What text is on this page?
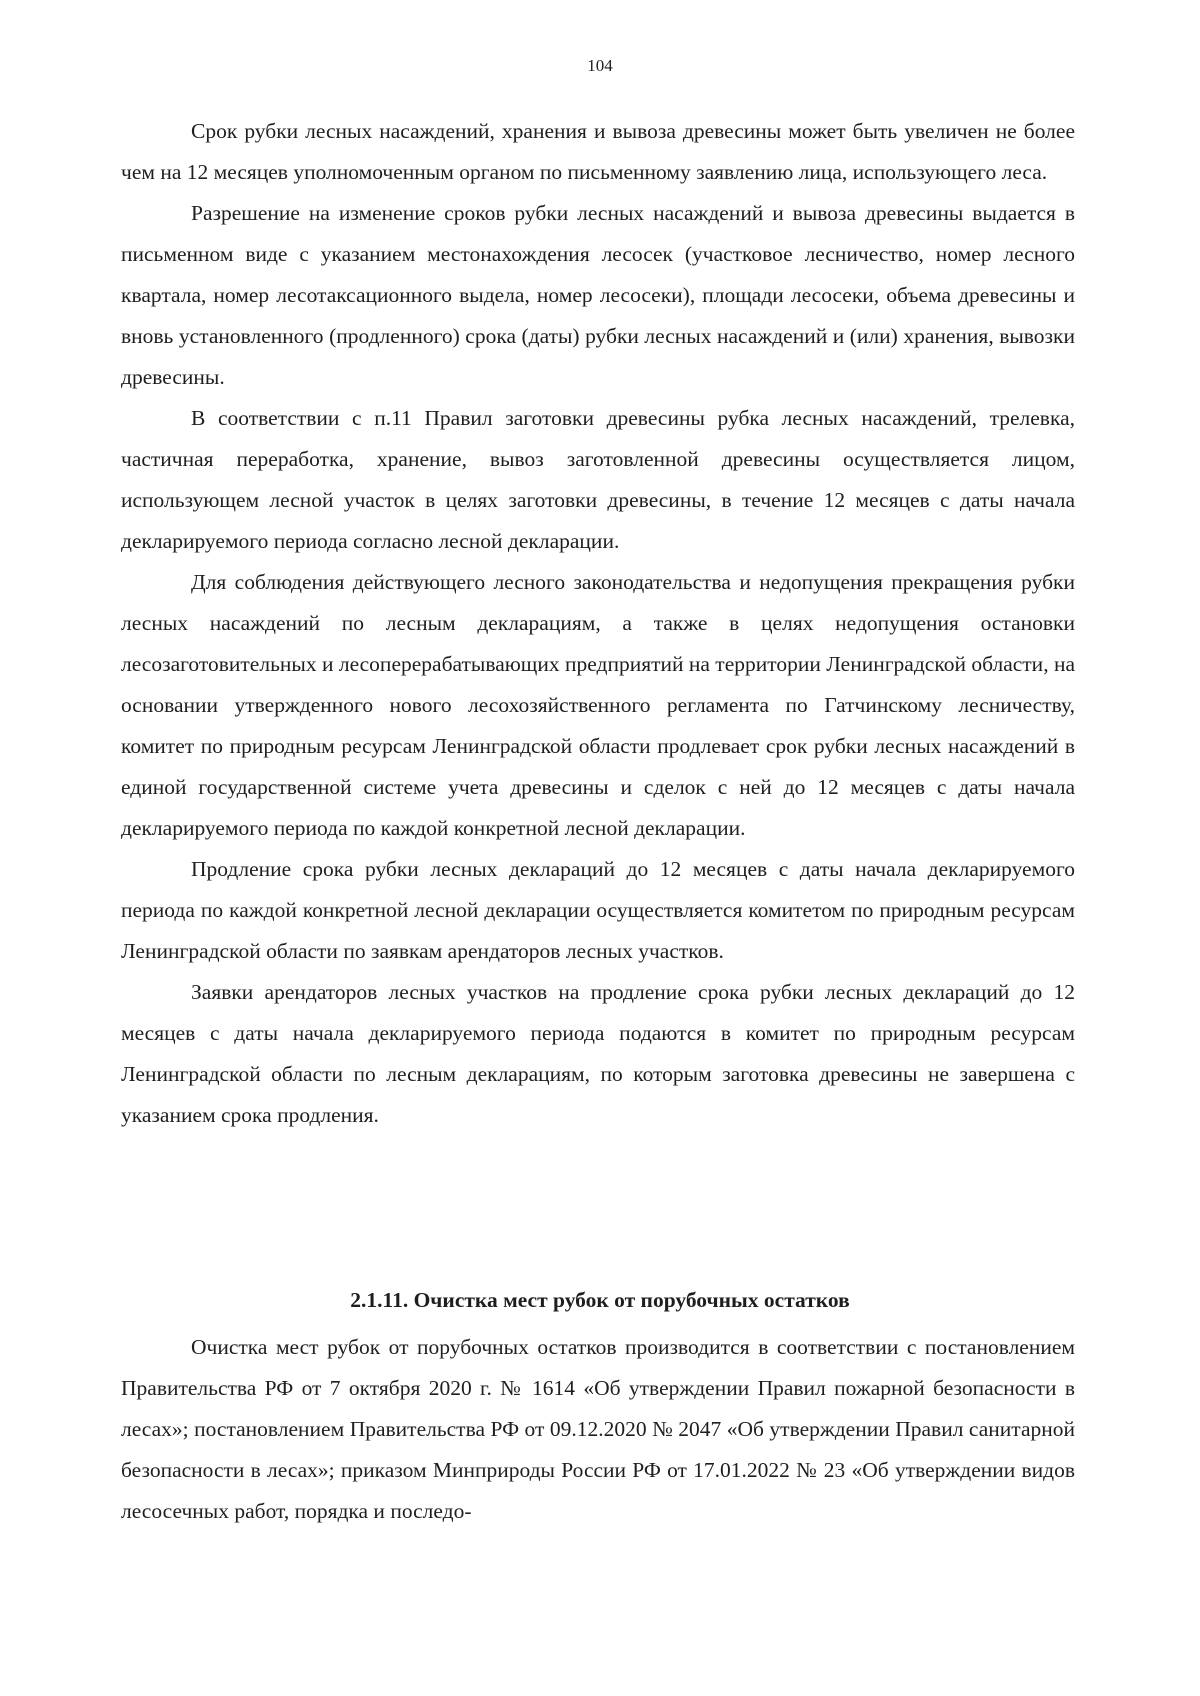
104

Срок рубки лесных насаждений, хранения и вывоза древесины может быть увеличен не более чем на 12 месяцев уполномоченным органом по письменному заявлению лица, использующего леса.

Разрешение на изменение сроков рубки лесных насаждений и вывоза древесины выдается в письменном виде с указанием местонахождения лесосек (участковое лесничество, номер лесного квартала, номер лесотаксационного выдела, номер лесосеки), площади лесосеки, объема древесины и вновь установленного (продленного) срока (даты) рубки лесных насаждений и (или) хранения, вывозки древесины.

В соответствии с п.11 Правил заготовки древесины рубка лесных насаждений, трелевка, частичная переработка, хранение, вывоз заготовленной древесины осуществляется лицом, использующем лесной участок в целях заготовки древесины, в течение 12 месяцев с даты начала декларируемого периода согласно лесной декларации.

Для соблюдения действующего лесного законодательства и недопущения прекращения рубки лесных насаждений по лесным декларациям, а также в целях недопущения остановки лесозаготовительных и лесоперерабатывающих предприятий на территории Ленинградской области, на основании утвержденного нового лесохозяйственного регламента по Гатчинскому лесничеству, комитет по природным ресурсам Ленинградской области продлевает срок рубки лесных насаждений в единой государственной системе учета древесины и сделок с ней до 12 месяцев с даты начала декларируемого периода по каждой конкретной лесной декларации.

Продление срока рубки лесных деклараций до 12 месяцев с даты начала декларируемого периода по каждой конкретной лесной декларации осуществляется комитетом по природным ресурсам Ленинградской области по заявкам арендаторов лесных участков.

Заявки арендаторов лесных участков на продление срока рубки лесных деклараций до 12 месяцев с даты начала декларируемого периода подаются в комитет по природным ресурсам Ленинградской области по лесным декларациям, по которым заготовка древесины не завершена с указанием срока продления.

2.1.11. Очистка мест рубок от порубочных остатков

Очистка мест рубок от порубочных остатков производится в соответствии с постановлением Правительства РФ от 7 октября 2020 г. № 1614 «Об утверждении Правил пожарной безопасности в лесах»; постановлением Правительства РФ от 09.12.2020 № 2047 «Об утверждении Правил санитарной безопасности в лесах»; приказом Минприроды России РФ от 17.01.2022 № 23 «Об утверждении видов лесосечных работ, порядка и последо-
